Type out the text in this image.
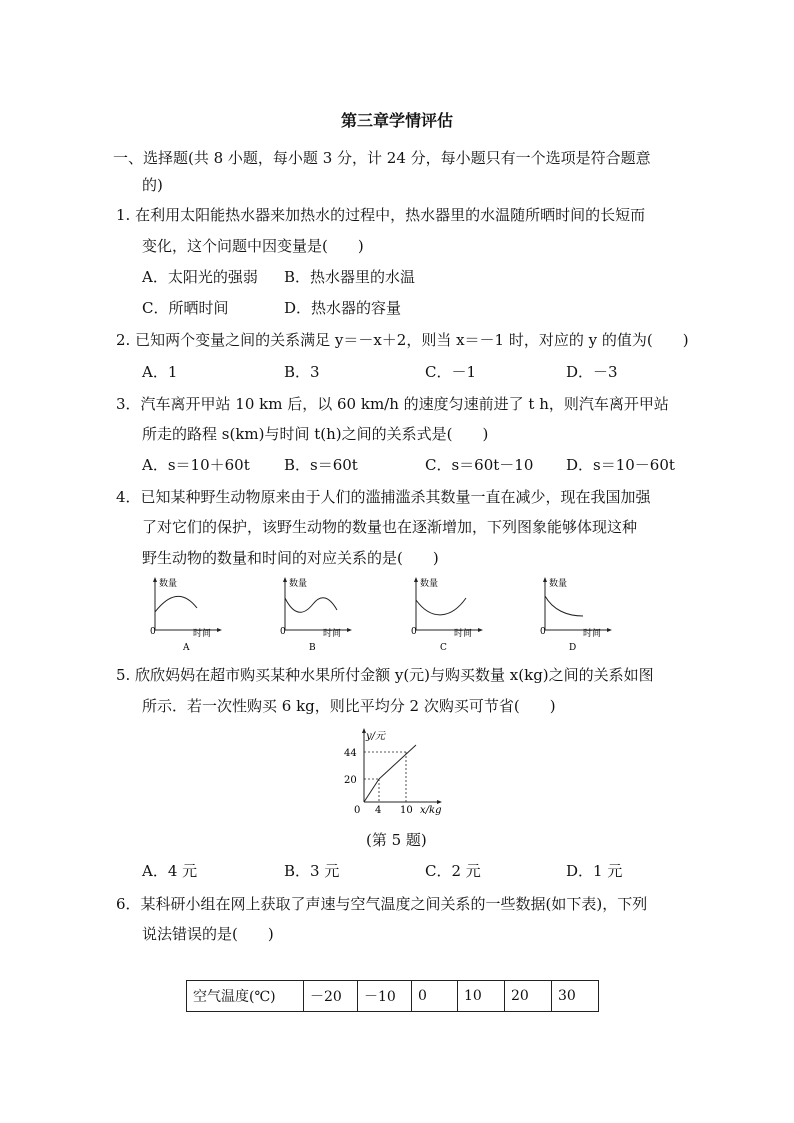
第三章学情评估
一、选择题(共 8 小题，每小题 3 分，计 24 分，每小题只有一个选项是符合题意
的)
1. 在利用太阳能热水器来加热水的过程中，热水器里的水温随所晒时间的长短而
变化，这个问题中因变量是(　　)
A．太阳光的强弱 B．热水器里的水温
C．所晒时间	D．热水器的容量
2. 已知两个变量之间的关系满足 y＝－x＋2，则当 x＝－1 时，对应的 y 的值为(　　)
A．1	B．3	C．－1	D．－3
3．汽车离开甲站 10 km 后，以 60 km/h 的速度匀速前进了 t h，则汽车离开甲站
所走的路程 s(km)与时间 t(h)之间的关系式是(　　)
A．s＝10＋60t B．s＝60t	C．s＝60t－10 D．s＝10－60t
4．已知某种野生动物原来由于人们的滥捕滥杀其数量一直在减少，现在我国加强
了对它们的保护，该野生动物的数量也在逐渐增加，下列图象能够体现这种
野生动物的数量和时间的对应关系的是(　　)
数量
0	时间
A
数量
0	时间
B
数量
0	时间
C
数量
0	时间
D
5. 欣欣妈妈在超市购买某种水果所付金额 y(元)与购买数量 x(kg)之间的关系如图
所示．若一次性购买 6 kg，则比平均分 2 次购买可节省(　　)
y/元
44
20
0 4 10 x/kg
(第 5 题)
A．4 元	B．3 元	C．2 元	D．1 元
6．某科研小组在网上获取了声速与空气温度之间关系的一些数据(如下表)，下列
说法错误的是(　　)
空气温度(℃)	－20	－10	0	10	20	30
